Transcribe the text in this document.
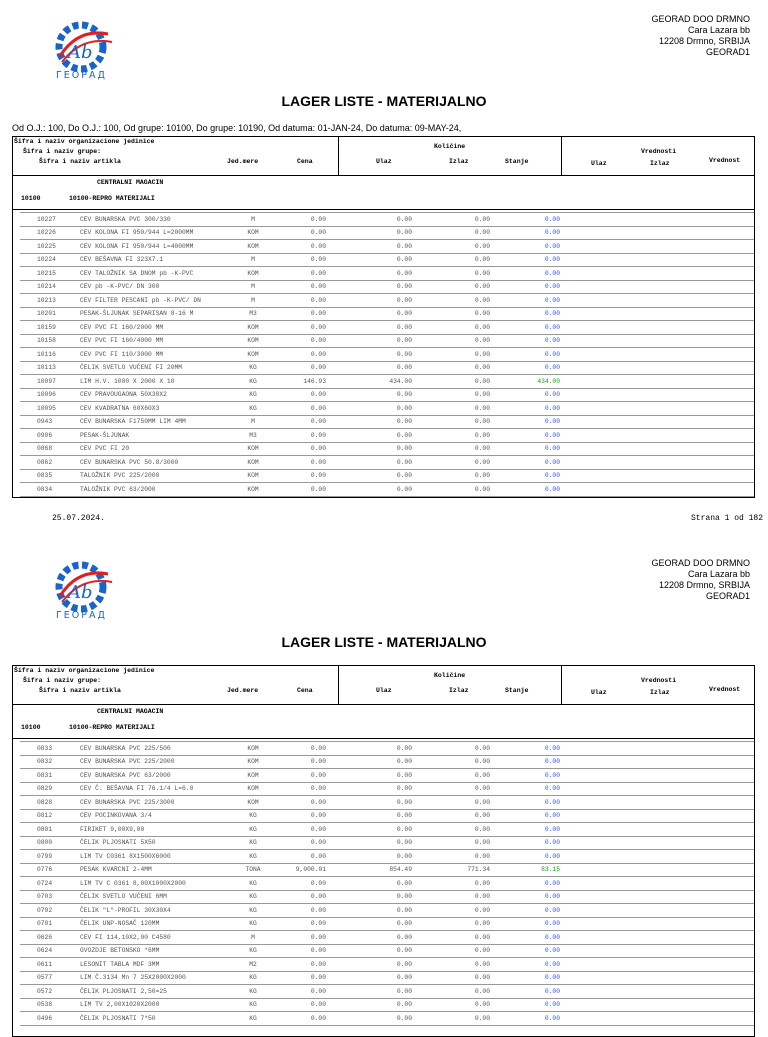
Ab
ГЕОРАД
GEORAD DOO DRMNO
Cara Lazara bb
12208 Drmno, SRBIJA
GEORAD1
LAGER LISTE - MATERIJALNO
Od O.J.: 100, Do O.J.: 100, Od grupe: 10100, Do grupe: 10190, Od datuma: 01-JAN-24, Do datuma: 09-MAY-24,
Šifra i naziv organizacione jedinice
Šifra i naziv grupe:
Šifra i naziv artikla	Jed.mere	Cena
Količine
Ulaz	Izlaz	Stanje
Vrednosti
Ulaz	Izlaz	Vrednost
CENTRALNI MAGACIN
10100	10100-REPRO MATERIJALI
10227	CEV BUNARSKA PVC 300/330	M	0.00	0.00	0.00	0.00	
10226	CEV KOLONA FI 950/944 L=2000MM	KOM	0.00	0.00	0.00	0.00	
10225	CEV KOLONA FI 950/944 L=4000MM	KOM	0.00	0.00	0.00	0.00	
10224	CEV BEŠAVNA FI 323X7.1	M	0.00	0.00	0.00	0.00	
10215	CEV TALOŽNIK SA DNOM pb -K-PVC	KOM	0.00	0.00	0.00	0.00	
10214	CEV pb -K-PVC/ DN 300	M	0.00	0.00	0.00	0.00	
10213	CEV FILTER PESCANI pb -K-PVC/ DN	M	0.00	0.00	0.00	0.00	
10201	PESAK-ŠLJUNAK SEPARISAN 8-16 M	M3	0.00	0.00	0.00	0.00	
10159	CEV PVC FI 160/2000 MM	KOM	0.00	0.00	0.00	0.00	
10158	CEV PVC FI 160/4000 MM	KOM	0.00	0.00	0.00	0.00	
10116	CEV PVC FI 110/3000 MM	KOM	0.00	0.00	0.00	0.00	
10113	ČELIK SVETLO VUČENI FI 20MM	KG	0.00	0.00	0.00	0.00	
10097	LIM H.V. 1000 X 2000 X 10	KG	146.93	434.00	0.00	434.00	
10096	CEV PRAVOUGAONA 50X30X2	KG	0.00	0.00	0.00	0.00	
10095	CEV KVADRATNA 60X60X3	KG	0.00	0.00	0.00	0.00	
0943	CEV BUNARSKA F1750MM LIM 4MM	M	0.00	0.00	0.00	0.00	
0906	PESAK-ŠLJUNAK	M3	0.00	0.00	0.00	0.00	
0868	CEV PVC FI 20	KOM	0.00	0.00	0.00	0.00	
0862	CEV BUNARSKA PVC 50.8/3000	KOM	0.00	0.00	0.00	0.00	
0835	TALOŽNIK PVC 225/2000	KOM	0.00	0.00	0.00	0.00	
0834	TALOŽNIK PVC 63/2000	KOM	0.00	0.00	0.00	0.00	
25.07.2024.	Strana 1 od 182
Ab
ГЕОРАД
GEORAD DOO DRMNO
Cara Lazara bb
12208 Drmno, SRBIJA
GEORAD1
LAGER LISTE - MATERIJALNO
Šifra i naziv organizacione jedinice
Šifra i naziv grupe:
Šifra i naziv artikla	Jed.mere	Cena
Količine
Ulaz	Izlaz	Stanje
Vrednosti
Ulaz	Izlaz	Vrednost
CENTRALNI MAGACIN
10100	10100-REPRO MATERIJALI
0833	CEV BUNARSKA PVC 225/500	KOM	0.00	0.00	0.00	0.00	
0832	CEV BUNARSKA PVC 225/2000	KOM	0.00	0.00	0.00	0.00	
0831	CEV BUNARSKA PVC 63/2000	KOM	0.00	0.00	0.00	0.00	
0829	CEV Č. BEŠAVNA FI 76.1/4 L=6.0	KOM	0.00	0.00	0.00	0.00	
0828	CEV BUNARSKA PVC 225/3000	KOM	0.00	0.00	0.00	0.00	
0812	CEV POCINKOVANA 3/4	KG	0.00	0.00	0.00	0.00	
0801	FIRIKET 9,00X9,00	KG	0.00	0.00	0.00	0.00	
0800	ČELIK PLJOSNATI 5X50	KG	0.00	0.00	0.00	0.00	
0799	LIM TV C0361 8X1500X6000	KG	0.00	0.00	0.00	0.00	
0776	PESAK KVARCNI 2-4MM	TONA	9,000.01	854.49	771.34	83.15	
0724	LIM TV C 0361 8,00X1000X2000	KG	0.00	0.00	0.00	0.00	
0703	ČELIK SVETLO VUČENI 6MM	KG	0.00	0.00	0.00	0.00	
0702	ČELIK "L"-PROFIL 30X30X4	KG	0.00	0.00	0.00	0.00	
0701	ČELIK UNP-NOSAČ 120MM	KG	0.00	0.00	0.00	0.00	
0626	CEV FI 114,10X2,00 C4580	M	0.00	0.00	0.00	0.00	
0624	GVOZDJE BETONSKO *6MM	KG	0.00	0.00	0.00	0.00	
0611	LESONIT TABLA MDF 3MM	M2	0.00	0.00	0.00	0.00	
0577	LIM Č.3134 Mn 7 25X2000X2000	KG	0.00	0.00	0.00	0.00	
0572	ČELIK PLJOSNATI 2,50=25	KG	0.00	0.00	0.00	0.00	
0538	LIM TV 2,00X1020X2000	KG	0.00	0.00	0.00	0.00	
0496	ČELIK PLJOSNATI 7*50	KG	0.00	0.00	0.00	0.00	
